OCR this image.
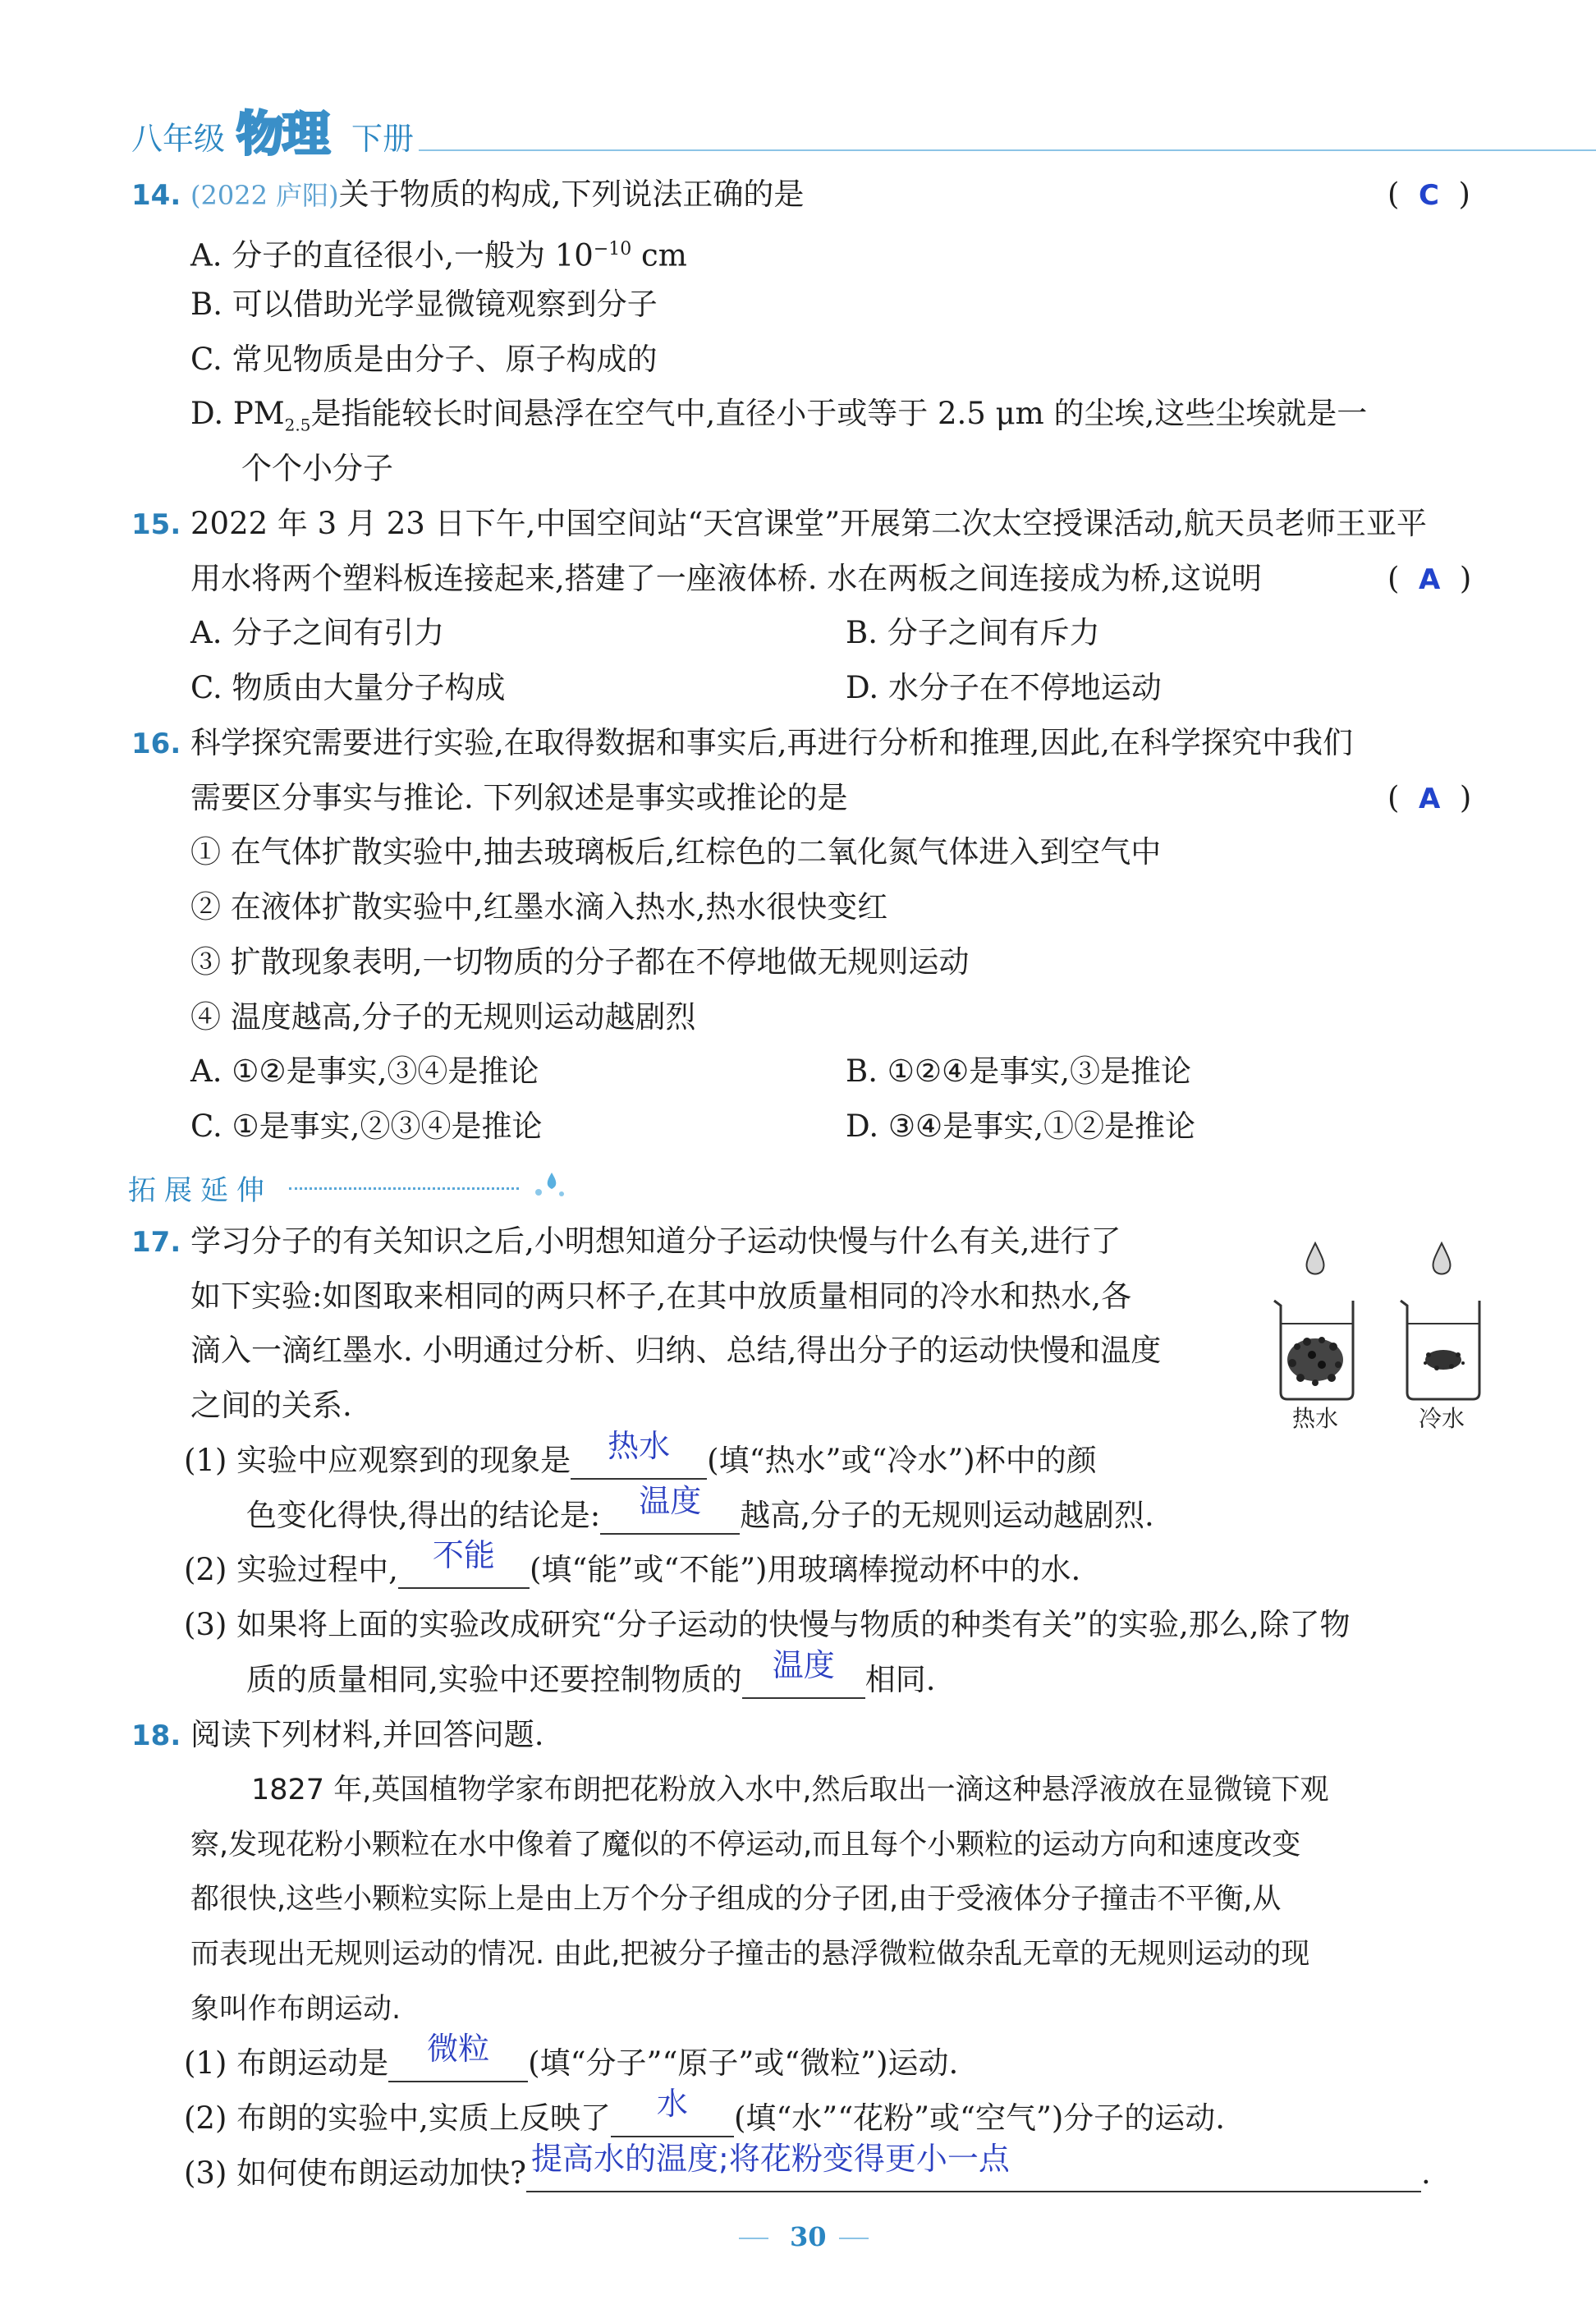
八年级 物理 下册
14. (2022 庐阳)关于物质的构成,下列说法正确的是	(  C  )
A. 分子的直径很小,一般为 $10^{-10}$ cm
B. 可以借助光学显微镜观察到分子
C. 常见物质是由分子、原子构成的
D. $PM_{2.5}$是指能较长时间悬浮在空气中,直径小于或等于 2.5 μm 的尘埃,这些尘埃就是一
个个小分子
15. 2022 年 3 月 23 日下午,中国空间站“天宫课堂”开展第二次太空授课活动,航天员老师王亚平
用水将两个塑料板连接起来,搭建了一座液体桥. 水在两板之间连接成为桥,这说明	(  A  )
A. 分子之间有引力	B. 分子之间有斥力
C. 物质由大量分子构成	D. 水分子在不停地运动
16. 科学探究需要进行实验,在取得数据和事实后,再进行分析和推理,因此,在科学探究中我们
需要区分事实与推论. 下列叙述是事实或推论的是	(  A  )
① 在气体扩散实验中,抽去玻璃板后,红棕色的二氧化氮气体进入到空气中
② 在液体扩散实验中,红墨水滴入热水,热水很快变红
③ 扩散现象表明,一切物质的分子都在不停地做无规则运动
④ 温度越高,分子的无规则运动越剧烈
A. ①②是事实,③④是推论	B. ①②④是事实,③是推论
C. ①是事实,②③④是推论	D. ③④是事实,①②是推论
拓展延伸
17. 学习分子的有关知识之后,小明想知道分子运动快慢与什么有关,进行了
如下实验:如图取来相同的两只杯子,在其中放质量相同的冷水和热水,各
滴入一滴红墨水. 小明通过分析、归纳、总结,得出分子的运动快慢和温度
之间的关系.	热水	冷水
(1) 实验中应观察到的现象是	热水	(填“热水”或“冷水”)杯中的颜
色变化得快,得出的结论是:	温度	越高,分子的无规则运动越剧烈.
(2) 实验过程中,	不能	(填“能”或“不能”)用玻璃棒搅动杯中的水.
(3) 如果将上面的实验改成研究“分子运动的快慢与物质的种类有关”的实验,那么,除了物
质的质量相同,实验中还要控制物质的 温度	相同.
18. 阅读下列材料,并回答问题.
1827 年,英国植物学家布朗把花粉放入水中,然后取出一滴这种悬浮液放在显微镜下观
察,发现花粉小颗粒在水中像着了魔似的不停运动,而且每个小颗粒的运动方向和速度改变
都很快,这些小颗粒实际上是由上万个分子组成的分子团,由于受液体分子撞击不平衡,从
而表现出无规则运动的情况. 由此,把被分子撞击的悬浮微粒做杂乱无章的无规则运动的现
象叫作布朗运动.
(1) 布朗运动是	微粒	(填“分子”“原子”或“微粒”)运动.
(2) 布朗的实验中,实质上反映了	水	(填“水”“花粉”或“空气”)分子的运动.
(3) 如何使布朗运动加快? 提高水的温度;将花粉变得更小一点	.
30
